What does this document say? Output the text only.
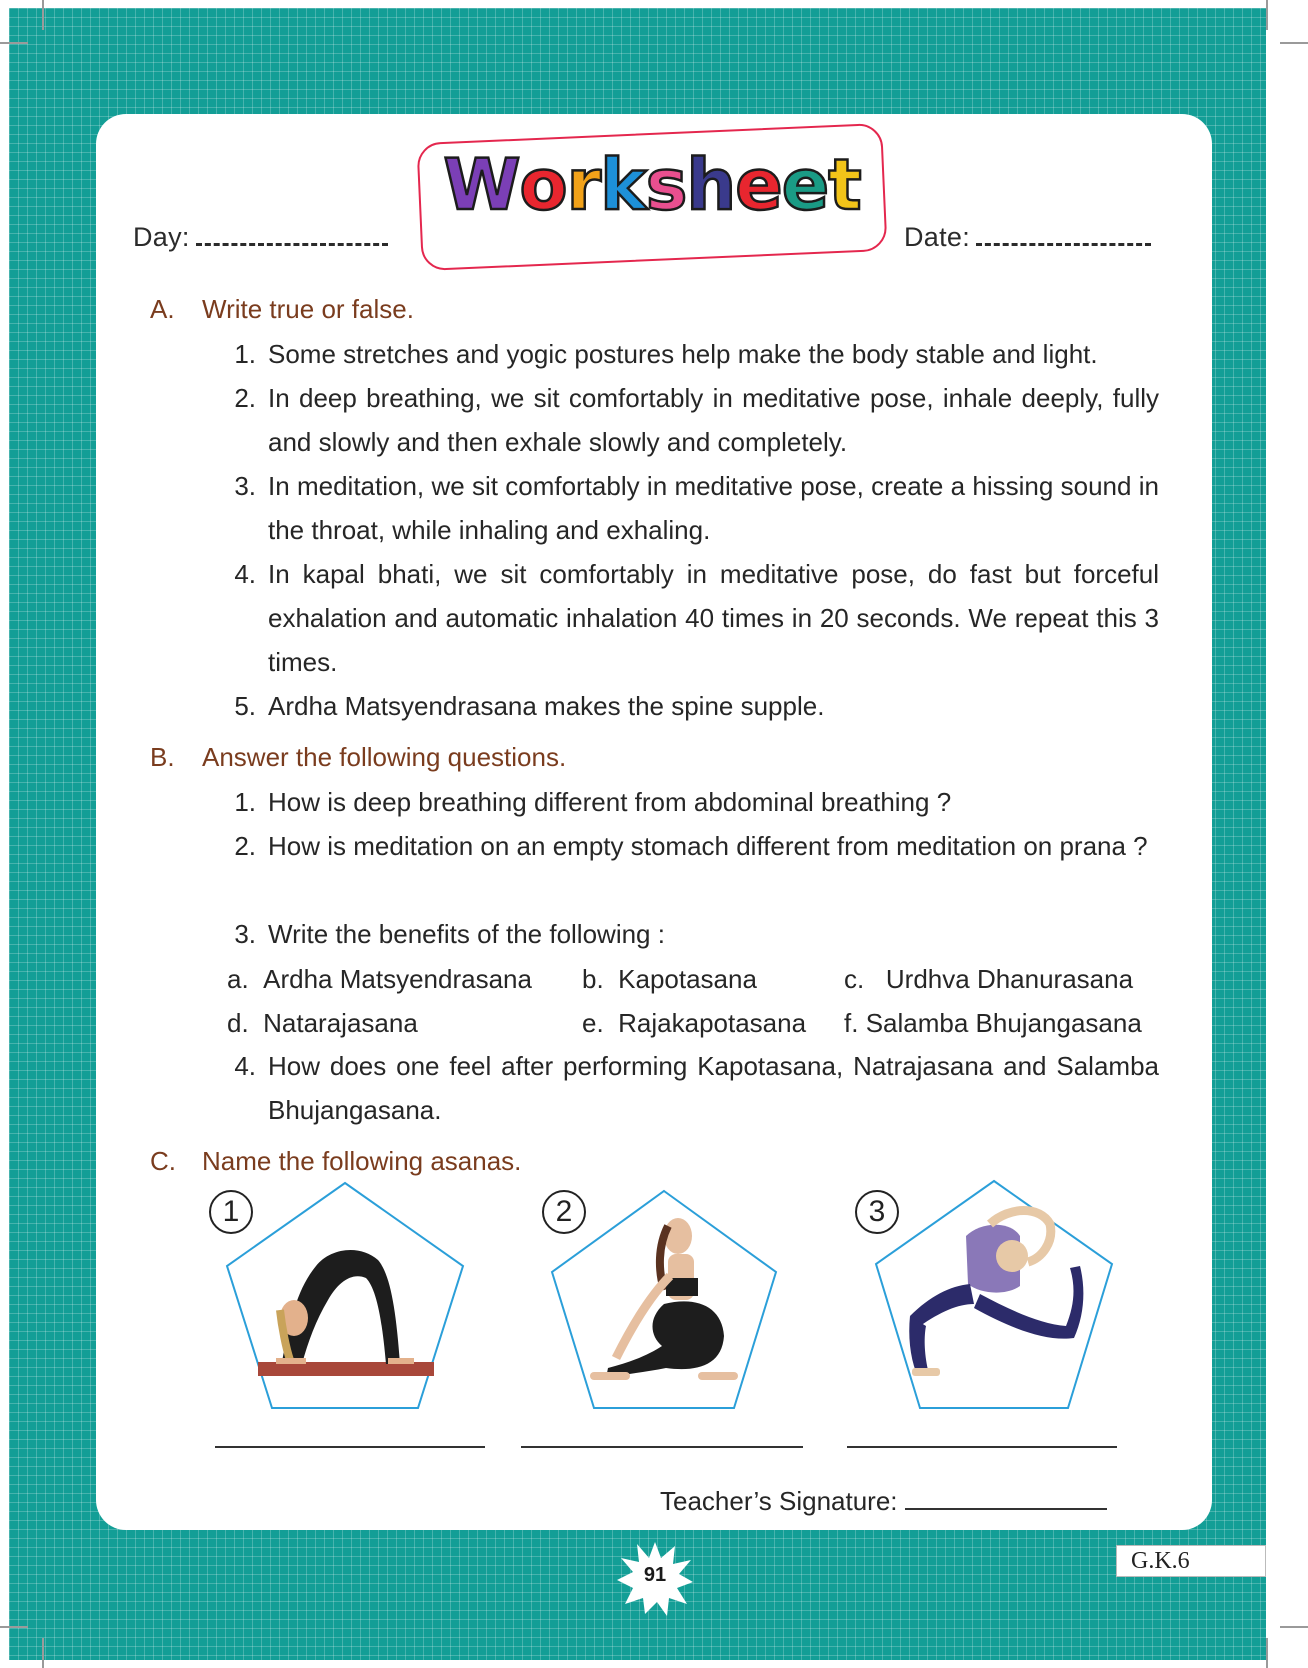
Day:	Date:
Worksheet
A. Write true or false.
1. Some stretches and yogic postures help make the body stable and light.
2. In deep breathing, we sit comfortably in meditative pose, inhale deeply, fully and slowly and then exhale slowly and completely.
3. In meditation, we sit comfortably in meditative pose, create a hissing sound in the throat, while inhaling and exhaling.
4. In kapal bhati, we sit comfortably in meditative pose, do fast but forceful exhalation and automatic inhalation 40 times in 20 seconds. We repeat this 3 times.
5. Ardha Matsyendrasana makes the spine supple.
B. Answer the following questions.
1. How is deep breathing different from abdominal breathing ?
2. How is meditation on an empty stomach different from meditation on prana ?
3. Write the benefits of the following :
a. Ardha Matsyendrasana b. Kapotasana	c. Urdhva Dhanurasana
d. Natarajasana	e. Rajakapotasana f. Salamba Bhujangasana
4. How does one feel after performing Kapotasana, Natrajasana and Salamba Bhujangasana.
C. Name the following asanas.
1	2	3
Teacher’s Signature:
91
G.K.6
